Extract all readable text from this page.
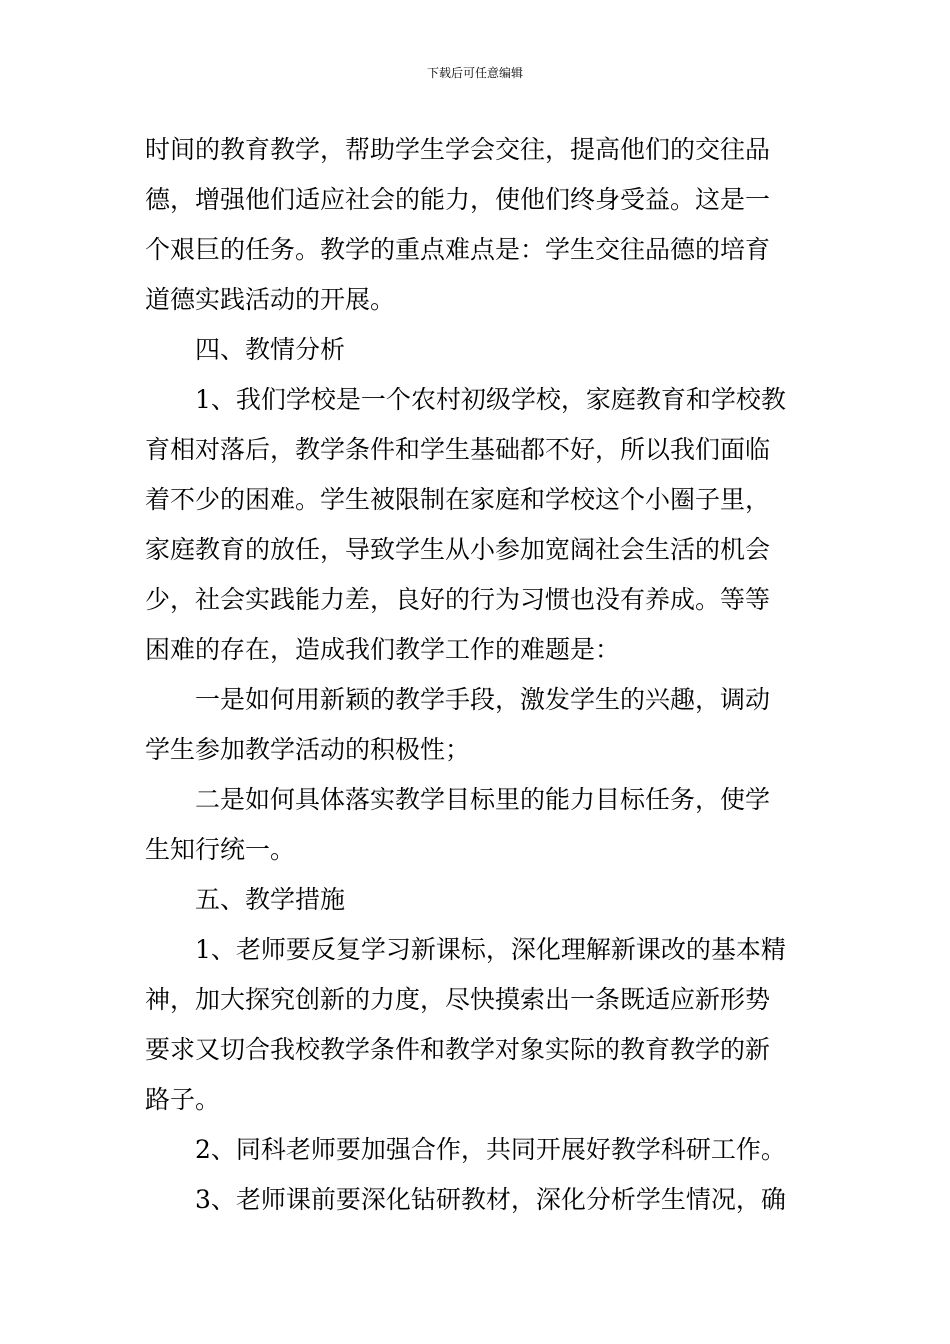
下载后可任意编辑
时间的教育教学，帮助学生学会交往，提高他们的交往品
德，增强他们适应社会的能力，使他们终身受益。这是一
个艰巨的任务。教学的重点难点是：学生交往品德的培育
道德实践活动的开展。
四、教情分析
1、我们学校是一个农村初级学校，家庭教育和学校教
育相对落后，教学条件和学生基础都不好，所以我们面临
着不少的困难。学生被限制在家庭和学校这个小圈子里，
家庭教育的放任，导致学生从小参加宽阔社会生活的机会
少，社会实践能力差，良好的行为习惯也没有养成。等等
困难的存在，造成我们教学工作的难题是：
一是如何用新颖的教学手段，激发学生的兴趣，调动
学生参加教学活动的积极性；
二是如何具体落实教学目标里的能力目标任务，使学
生知行统一。
五、教学措施
1、老师要反复学习新课标，深化理解新课改的基本精
神，加大探究创新的力度，尽快摸索出一条既适应新形势
要求又切合我校教学条件和教学对象实际的教育教学的新
路子。
2、同科老师要加强合作，共同开展好教学科研工作。
3、老师课前要深化钻研教材，深化分析学生情况，确
